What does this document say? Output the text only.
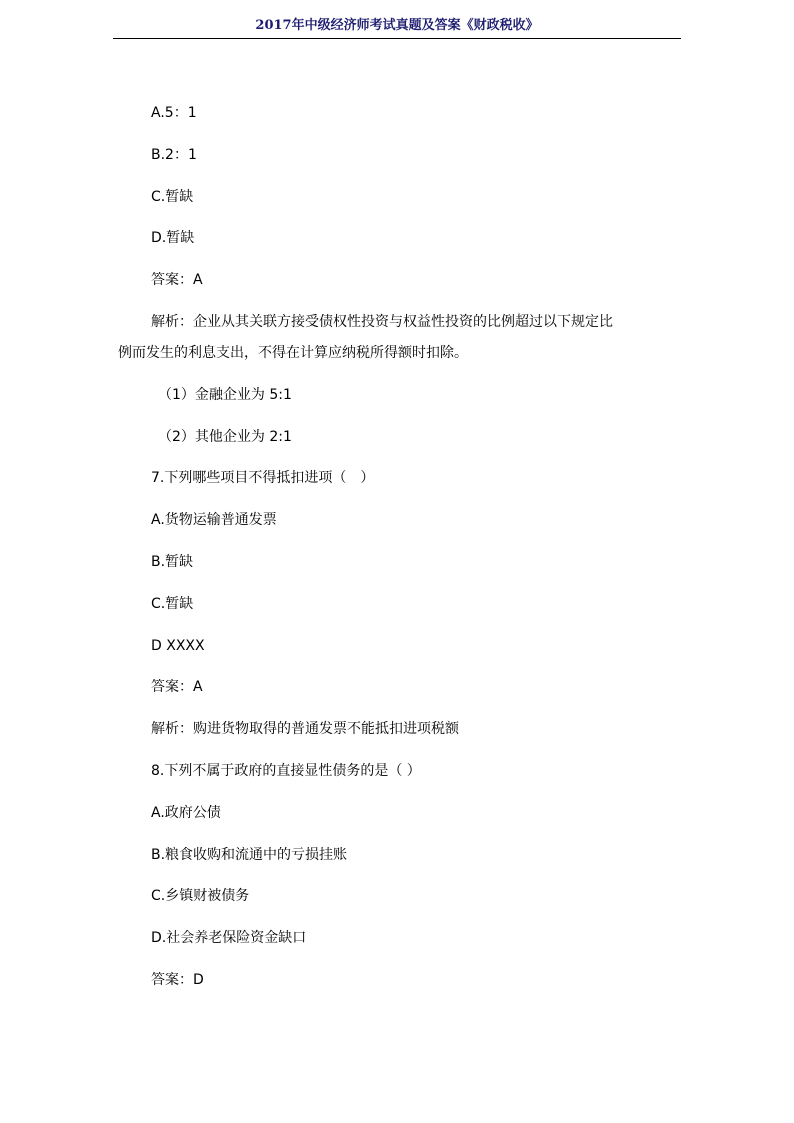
2017年中级经济师考试真题及答案《财政税收》
A.5：1
B.2：1
C.暂缺
D.暂缺
答案：A
解析：企业从其关联方接受债权性投资与权益性投资的比例超过以下规定比
例而发生的利息支出，不得在计算应纳税所得额时扣除。
（1）金融企业为 5:1
（2）其他企业为 2:1
7.下列哪些项目不得抵扣进项（　）
A.货物运输普通发票
B.暂缺
C.暂缺
D XXXX
答案：A
解析：购进货物取得的普通发票不能抵扣进项税额
8.下列不属于政府的直接显性债务的是（ ）
A.政府公债
B.粮食收购和流通中的亏损挂账
C.乡镇财被债务
D.社会养老保险资金缺口
答案：D
